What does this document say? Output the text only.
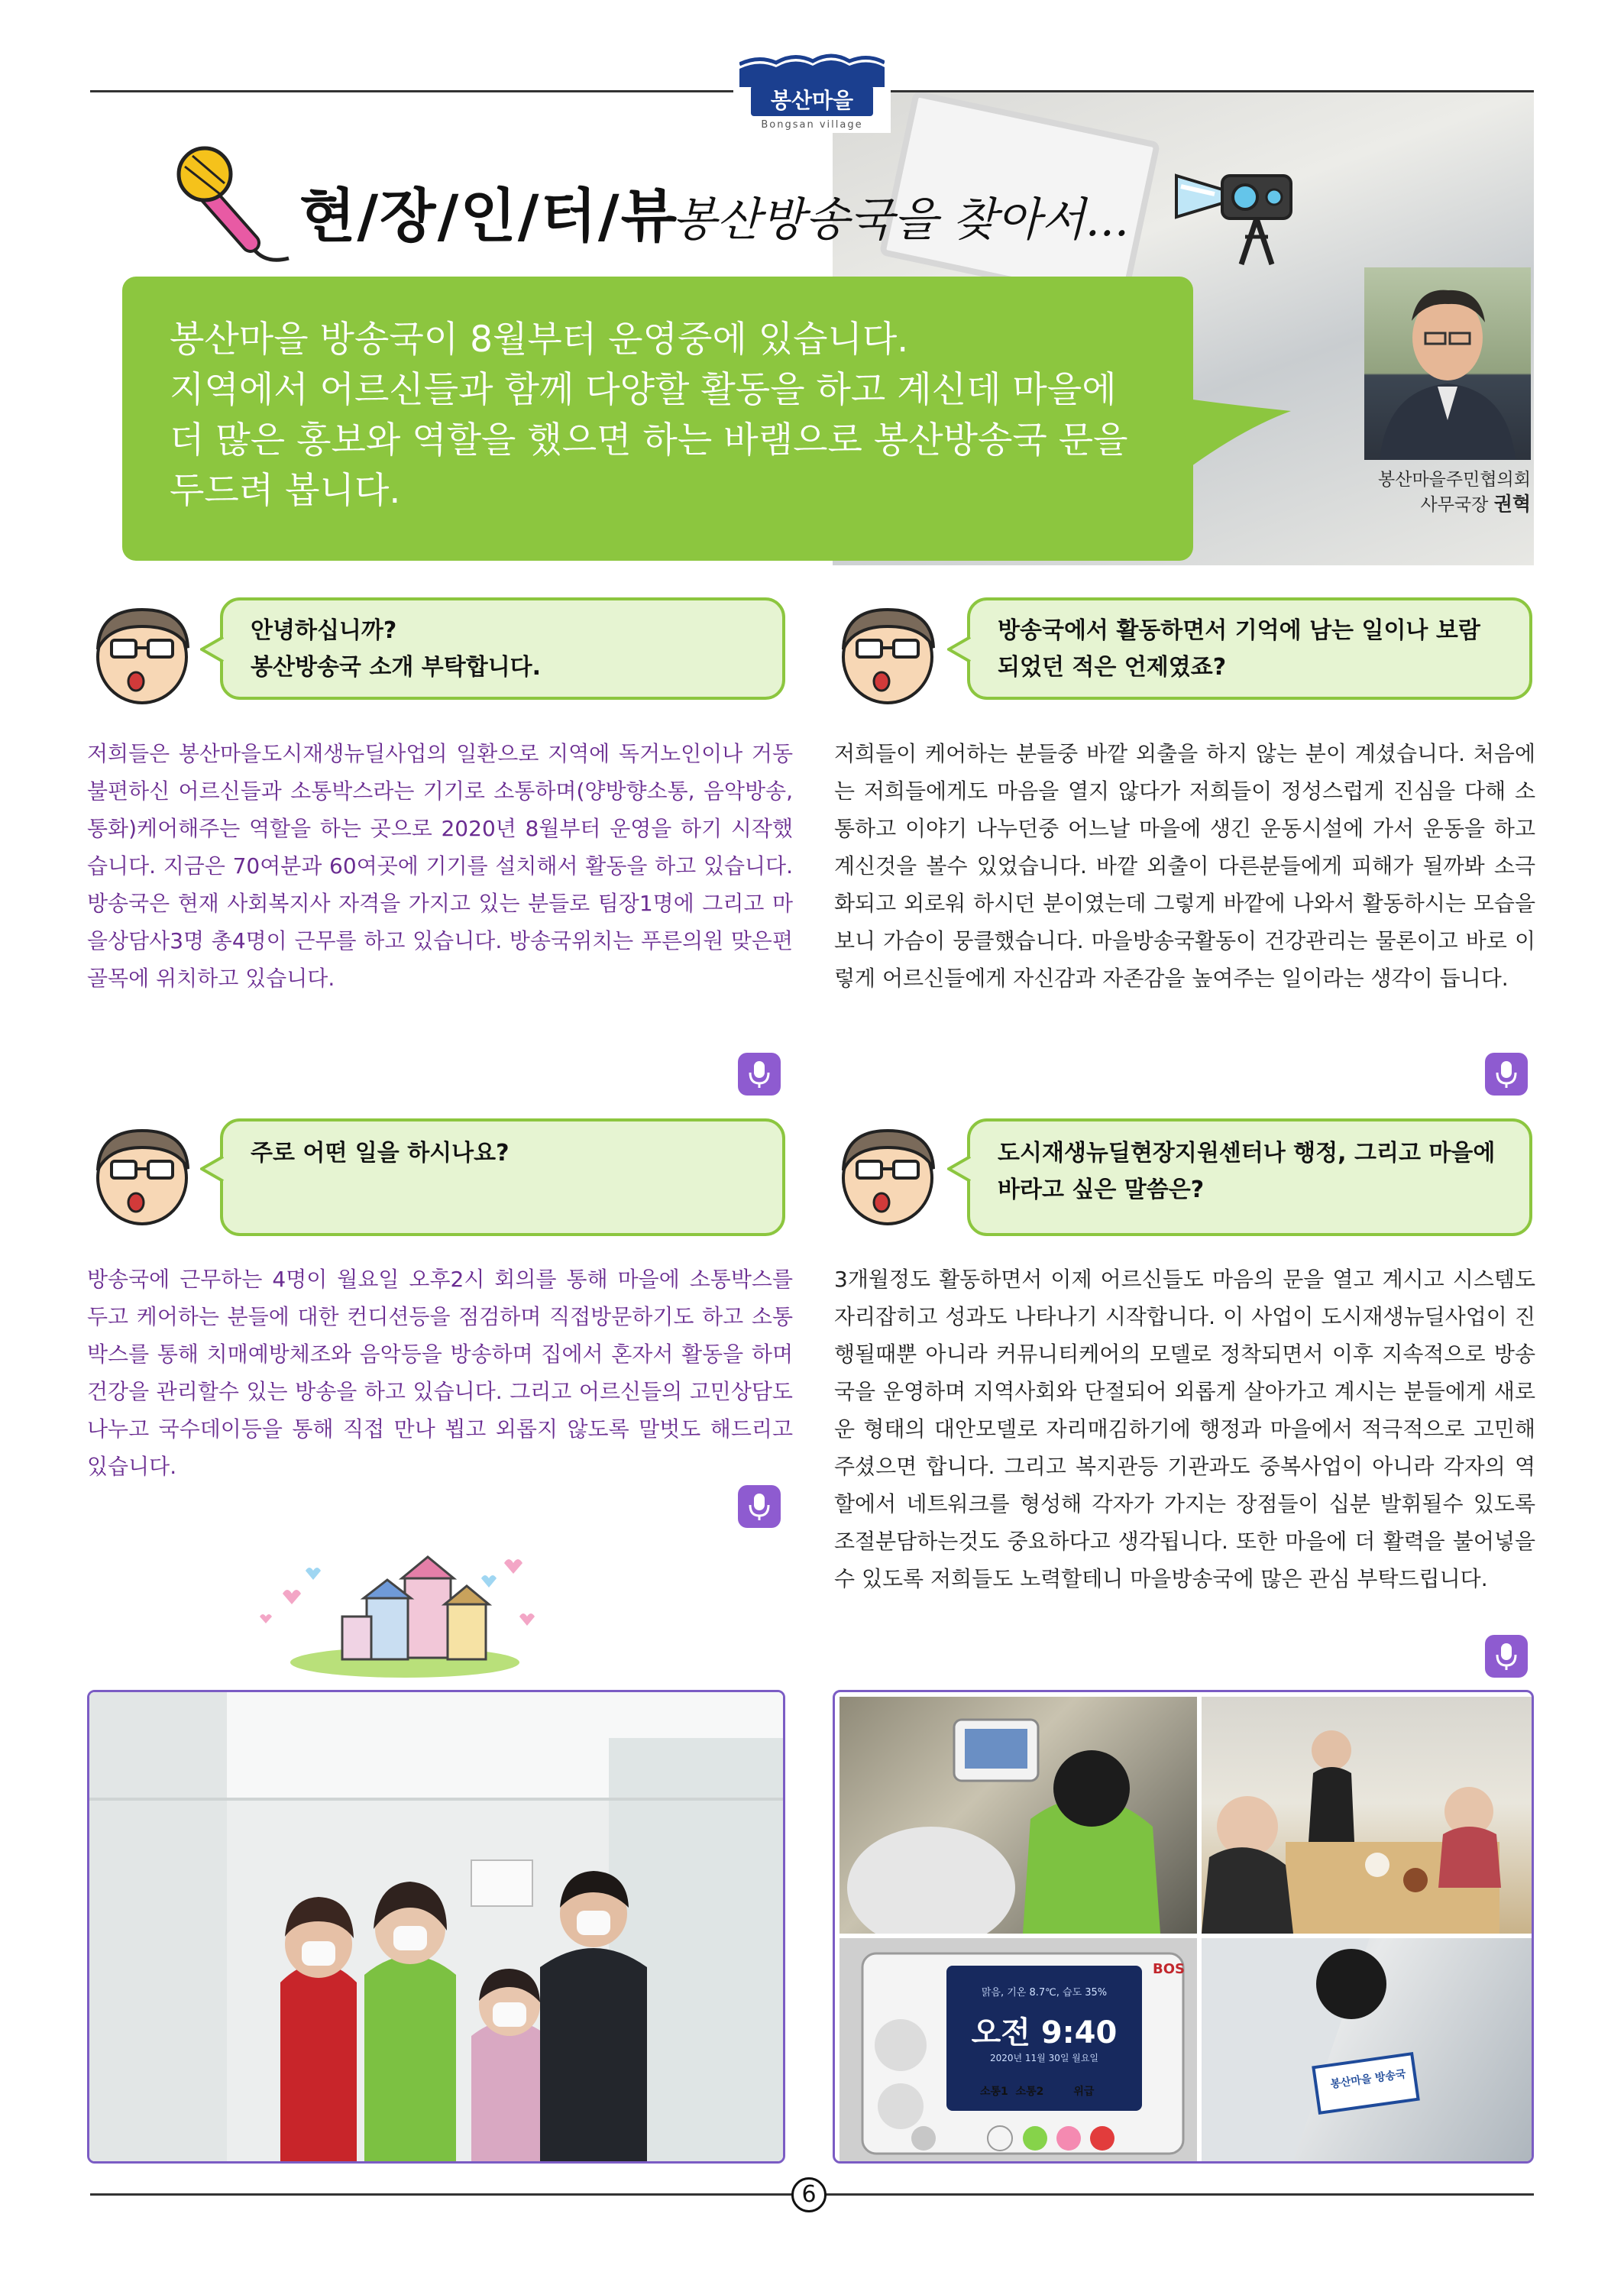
봉산마을
Bongsan village
현/장/인/터/뷰
봉산방송국을 찾아서...
봉산마을 방송국이 8월부터 운영중에 있습니다.
지역에서 어르신들과 함께 다양할 활동을 하고 계신데 마을에
더 많은 홍보와 역할을 했으면 하는 바램으로 봉산방송국 문을
두드려 봅니다.	봉산마을주민협의회
사무국장 권혁
안녕하십니까?
봉산방송국 소개 부탁합니다.
저희들은 봉산마을도시재생뉴딜사업의 일환으로 지역에 독거노인이나 거동불편하신 어르신들과 소통박스라는 기기로 소통하며(양방향소통, 음악방송,통화)케어해주는 역할을 하는 곳으로 2020년 8월부터 운영을 하기 시작했습니다. 지금은 70여분과 60여곳에 기기를 설치해서 활동을 하고 있습니다. 방송국은 현재 사회복지사 자격을 가지고 있는 분들로 팀장1명에 그리고 마을상담사3명 총4명이 근무를 하고 있습니다. 방송국위치는 푸른의원 맞은편 골목에 위치하고 있습니다.
방송국에서 활동하면서 기억에 남는 일이나 보람
되었던 적은 언제였죠?
저희들이 케어하는 분들중 바깥 외출을 하지 않는 분이 계셨습니다. 처음에는 저희들에게도 마음을 열지 않다가 저희들이 정성스럽게 진심을 다해 소통하고 이야기 나누던중 어느날 마을에 생긴 운동시설에 가서 운동을 하고 계신것을 볼수 있었습니다. 바깥 외출이 다른분들에게 피해가 될까봐 소극화되고 외로워 하시던 분이였는데 그렇게 바깥에 나와서 활동하시는 모습을 보니 가슴이 뭉클했습니다. 마을방송국활동이 건강관리는 물론이고 바로 이렇게 어르신들에게 자신감과 자존감을 높여주는 일이라는 생각이 듭니다.
주로 어떤 일을 하시나요?
방송국에 근무하는 4명이 월요일 오후2시 회의를 통해 마을에 소통박스를 두고 케어하는 분들에 대한 컨디션등을 점검하며 직접방문하기도 하고 소통박스를 통해 치매예방체조와 음악등을 방송하며 집에서 혼자서 활동을 하며 건강을 관리할수 있는 방송을 하고 있습니다. 그리고 어르신들의 고민상담도 나누고 국수데이등을 통해 직접 만나 뵙고 외롭지 않도록 말벗도 해드리고 있습니다.
도시재생뉴딜현장지원센터나 행정, 그리고 마을에
바라고 싶은 말씀은?
3개월정도 활동하면서 이제 어르신들도 마음의 문을 열고 계시고 시스템도 자리잡히고 성과도 나타나기 시작합니다. 이 사업이 도시재생뉴딜사업이 진행될때뿐 아니라 커뮤니티케어의 모델로 정착되면서 이후 지속적으로 방송국을 운영하며 지역사회와 단절되어 외롭게 살아가고 계시는 분들에게 새로운 형태의 대안모델로 자리매김하기에 행정과 마을에서 적극적으로 고민해주셨으면 합니다. 그리고 복지관등 기관과도 중복사업이 아니라 각자의 역할에서 네트워크를 형성해 각자가 가지는 장점들이 십분 발휘될수 있도록 조절분담하는것도 중요하다고 생각됩니다. 또한 마을에 더 활력을 불어넣을수 있도록 저희들도 노력할테니 마을방송국에 많은 관심 부탁드립니다.
맑음, 기온 8.7℃, 습도 35%
오전 9:40
2020년 11월 30일 월요일
소통1 소통2	위급
BOS
봉산마을 방송국
6
